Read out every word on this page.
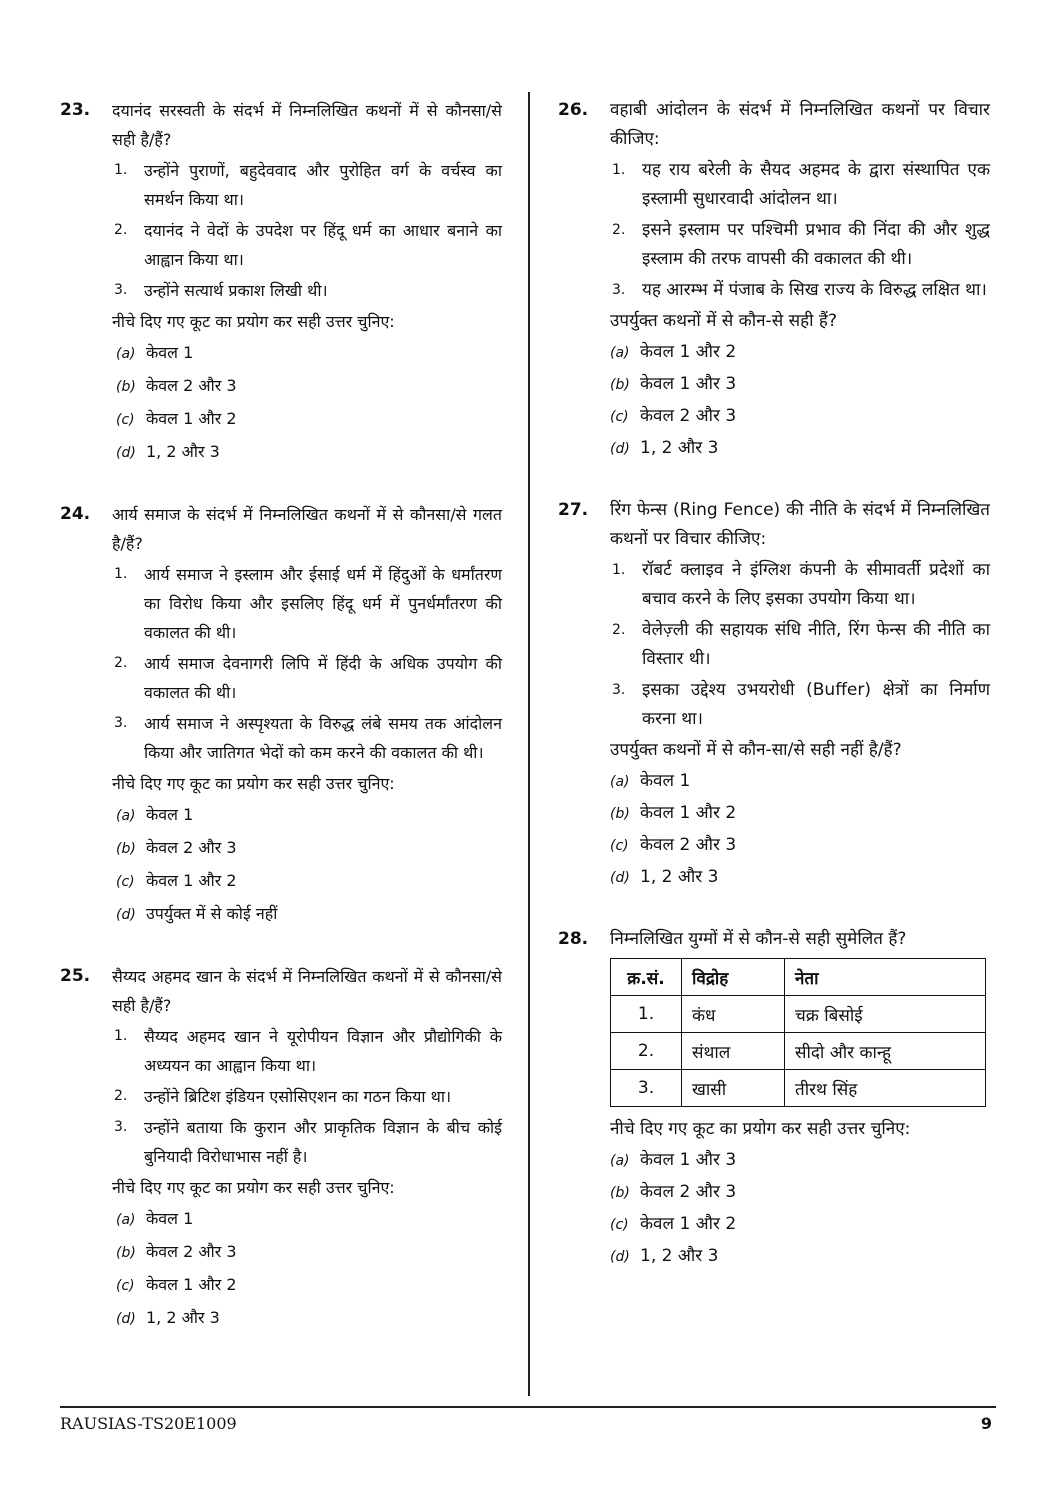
23. दयानंद सरस्वती के संदर्भ में निम्नलिखित कथनों में से कौनसा/से सही है/हैं?
1. उन्होंने पुराणों, बहुदेववाद और पुरोहित वर्ग के वर्चस्व का समर्थन किया था।
2. दयानंद ने वेदों के उपदेश पर हिंदू धर्म का आधार बनाने का आह्वान किया था।
3. उन्होंने सत्यार्थ प्रकाश लिखी थी।
नीचे दिए गए कूट का प्रयोग कर सही उत्तर चुनिए:
(a) केवल 1
(b) केवल 2 और 3
(c) केवल 1 और 2
(d) 1, 2 और 3
24. आर्य समाज के संदर्भ में निम्नलिखित कथनों में से कौनसा/से गलत है/हैं?
1. आर्य समाज ने इस्लाम और ईसाई धर्म में हिंदुओं के धर्मांतरण का विरोध किया और इसलिए हिंदू धर्म में पुनर्धर्मांतरण की वकालत की थी।
2. आर्य समाज देवनागरी लिपि में हिंदी के अधिक उपयोग की वकालत की थी।
3. आर्य समाज ने अस्पृश्यता के विरुद्ध लंबे समय तक आंदोलन किया और जातिगत भेदों को कम करने की वकालत की थी।
नीचे दिए गए कूट का प्रयोग कर सही उत्तर चुनिए:
(a) केवल 1
(b) केवल 2 और 3
(c) केवल 1 और 2
(d) उपर्युक्त में से कोई नहीं
25. सैय्यद अहमद खान के संदर्भ में निम्नलिखित कथनों में से कौनसा/से सही है/हैं?
1. सैय्यद अहमद खान ने यूरोपीयन विज्ञान और प्रौद्योगिकी के अध्ययन का आह्वान किया था।
2. उन्होंने ब्रिटिश इंडियन एसोसिएशन का गठन किया था।
3. उन्होंने बताया कि कुरान और प्राकृतिक विज्ञान के बीच कोई बुनियादी विरोधाभास नहीं है।
नीचे दिए गए कूट का प्रयोग कर सही उत्तर चुनिए:
(a) केवल 1
(b) केवल 2 और 3
(c) केवल 1 और 2
(d) 1, 2 और 3
26. वहाबी आंदोलन के संदर्भ में निम्नलिखित कथनों पर विचार कीजिए:
1. यह राय बरेली के सैयद अहमद के द्वारा संस्थापित एक इस्लामी सुधारवादी आंदोलन था।
2. इसने इस्लाम पर पश्चिमी प्रभाव की निंदा की और शुद्ध इस्लाम की तरफ वापसी की वकालत की थी।
3. यह आरम्भ में पंजाब के सिख राज्य के विरुद्ध लक्षित था।
उपर्युक्त कथनों में से कौन-से सही हैं?
(a) केवल 1 और 2
(b) केवल 1 और 3
(c) केवल 2 और 3
(d) 1, 2 और 3
27. रिंग फेन्स (Ring Fence) की नीति के संदर्भ में निम्नलिखित कथनों पर विचार कीजिए:
1. रॉबर्ट क्लाइव ने इंग्लिश कंपनी के सीमावर्ती प्रदेशों का बचाव करने के लिए इसका उपयोग किया था।
2. वेलेज़्ली की सहायक संधि नीति, रिंग फेन्स की नीति का विस्तार थी।
3. इसका उद्देश्य उभयरोधी (Buffer) क्षेत्रों का निर्माण करना था।
उपर्युक्त कथनों में से कौन-सा/से सही नहीं है/हैं?
(a) केवल 1
(b) केवल 1 और 2
(c) केवल 2 और 3
(d) 1, 2 और 3
28. निम्नलिखित युग्मों में से कौन-से सही सुमेलित हैं?
क्र.सं.	विद्रोह	नेता
1.	कंध	चक्र बिसोई
2.	संथाल	सीदो और कान्हू
3.	खासी	तीरथ सिंह
नीचे दिए गए कूट का प्रयोग कर सही उत्तर चुनिए:
(a) केवल 1 और 3
(b) केवल 2 और 3
(c) केवल 1 और 2
(d) 1, 2 और 3
RAUSIAS-TS20E1009	9
